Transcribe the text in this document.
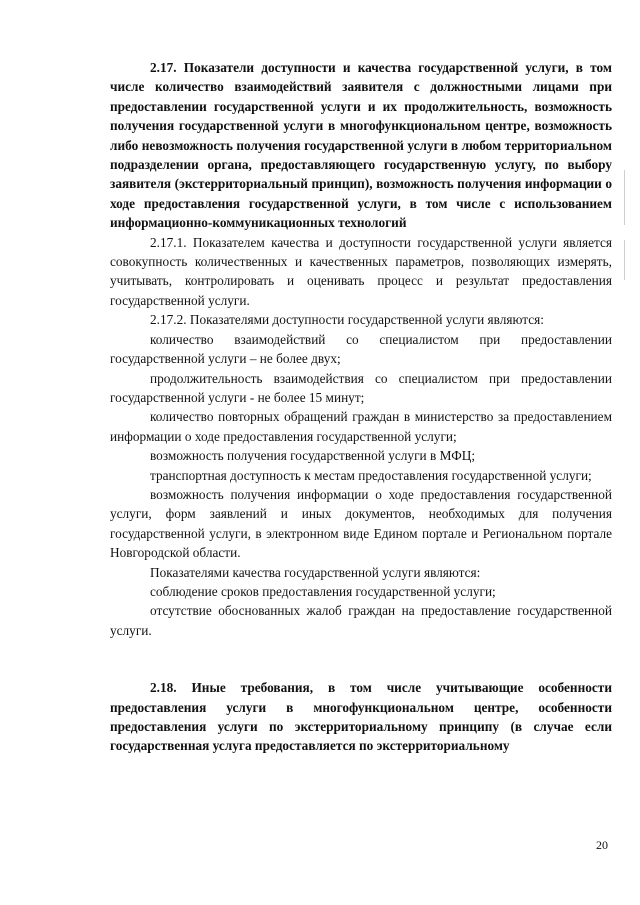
2.17. Показатели доступности и качества государственной услуги, в том числе количество взаимодействий заявителя с должностными лицами при предоставлении государственной услуги и их продолжительность, возможность получения государственной услуги в многофункциональном центре, возможность либо невозможность получения государственной услуги в любом территориальном подразделении органа, предоставляющего государственную услугу, по выбору заявителя (экстерриториальный принцип), возможность получения информации о ходе предоставления государственной услуги, в том числе с использованием информационно-коммуникационных технологий

2.17.1. Показателем качества и доступности государственной услуги является совокупность количественных и качественных параметров, позволяющих измерять, учитывать, контролировать и оценивать процесс и результат предоставления государственной услуги.

2.17.2. Показателями доступности государственной услуги являются:

количество взаимодействий со специалистом при предоставлении государственной услуги – не более двух;

продолжительность взаимодействия со специалистом при предоставлении государственной услуги - не более 15 минут;

количество повторных обращений граждан в министерство за предоставлением информации о ходе предоставления государственной услуги;

возможность получения государственной услуги в МФЦ;

транспортная доступность к местам предоставления государственной услуги;

возможность получения информации о ходе предоставления государственной услуги, форм заявлений и иных документов, необходимых для получения государственной услуги, в электронном виде Едином портале и Региональном портале Новгородской области.

Показателями качества государственной услуги являются:

соблюдение сроков предоставления государственной услуги;

отсутствие обоснованных жалоб граждан на предоставление государственной услуги.

2.18. Иные требования, в том числе учитывающие особенности предоставления услуги в многофункциональном центре, особенности предоставления услуги по экстерриториальному принципу (в случае если государственная услуга предоставляется по экстерриториальному

20
